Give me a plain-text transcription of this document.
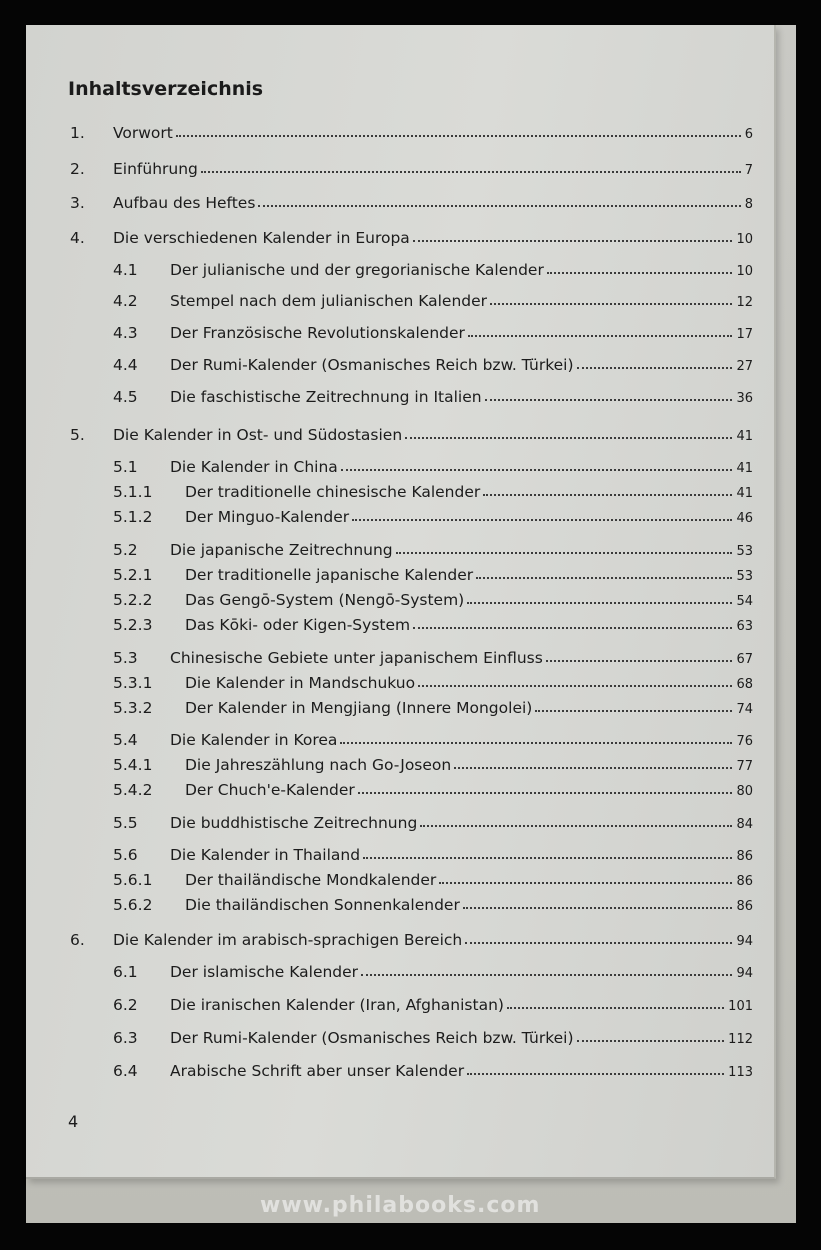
Inhaltsverzeichnis
1.	Vorwort	6
2.	Einführung	7
3.	Aufbau des Heftes	8
4.	Die verschiedenen Kalender in Europa	10
4.1	Der julianische und der gregorianische Kalender	10
4.2	Stempel nach dem julianischen Kalender	12
4.3	Der Französische Revolutionskalender	17
4.4	Der Rumi-Kalender (Osmanisches Reich bzw. Türkei)	27
4.5	Die faschistische Zeitrechnung in Italien	36
5.	Die Kalender in Ost- und Südostasien	41
5.1	Die Kalender in China	41
5.1.1	Der traditionelle chinesische Kalender	41
5.1.2	Der Minguo-Kalender	46
5.2	Die japanische Zeitrechnung	53
5.2.1	Der traditionelle japanische Kalender	53
5.2.2	Das Gengō-System (Nengō-System)	54
5.2.3	Das Kōki- oder Kigen-System	63
5.3	Chinesische Gebiete unter japanischem Einfluss	67
5.3.1	Die Kalender in Mandschukuo	68
5.3.2	Der Kalender in Mengjiang (Innere Mongolei)	74
5.4	Die Kalender in Korea	76
5.4.1	Die Jahreszählung nach Go-Joseon	77
5.4.2	Der Chuch'e-Kalender	80
5.5	Die buddhistische Zeitrechnung	84
5.6	Die Kalender in Thailand	86
5.6.1	Der thailändische Mondkalender	86
5.6.2	Die thailändischen Sonnenkalender	86
6.	Die Kalender im arabisch-sprachigen Bereich	94
6.1	Der islamische Kalender	94
6.2	Die iranischen Kalender (Iran, Afghanistan)	101
6.3	Der Rumi-Kalender (Osmanisches Reich bzw. Türkei)	112
6.4	Arabische Schrift aber unser Kalender	113
4
www.philabooks.com
